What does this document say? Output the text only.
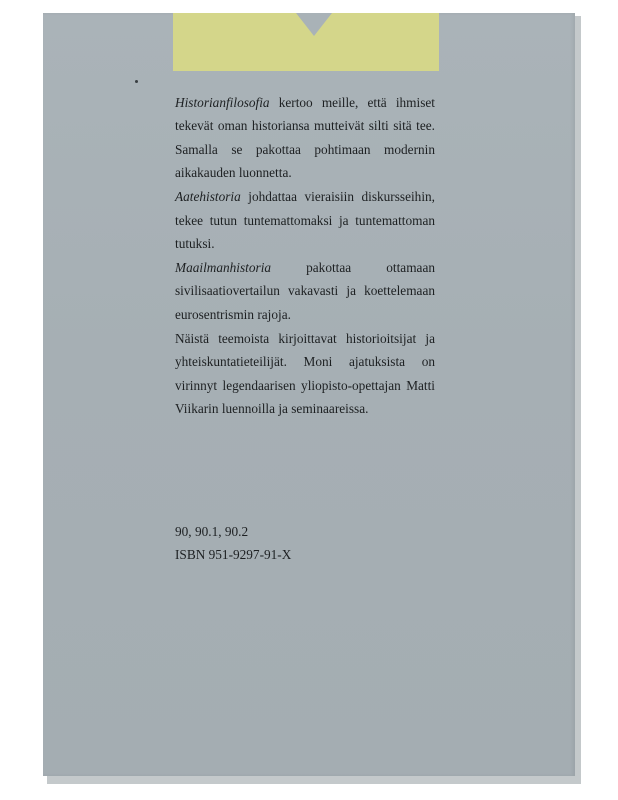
Historianfilosofia kertoo meille, että ihmiset tekevät oman historiansa mutteivät silti sitä tee. Samalla se pakottaa pohtimaan modernin aikakauden luonnetta.

Aatehistoria johdattaa vieraisiin diskursseihin, tekee tutun tuntemattomaksi ja tuntemattoman tutuksi.

Maailmanhistoria pakottaa ottamaan sivilisaatiovertailun vakavasti ja koettelemaan eurosentrismin rajoja.

Näistä teemoista kirjoittavat historioitsijat ja yhteiskuntatieteilijät. Moni ajatuksista on virinnyt legendaarisen yliopisto-opettajan Matti Viikarin luennoilla ja seminaareissa.

90, 90.1, 90.2
ISBN 951-9297-91-X
